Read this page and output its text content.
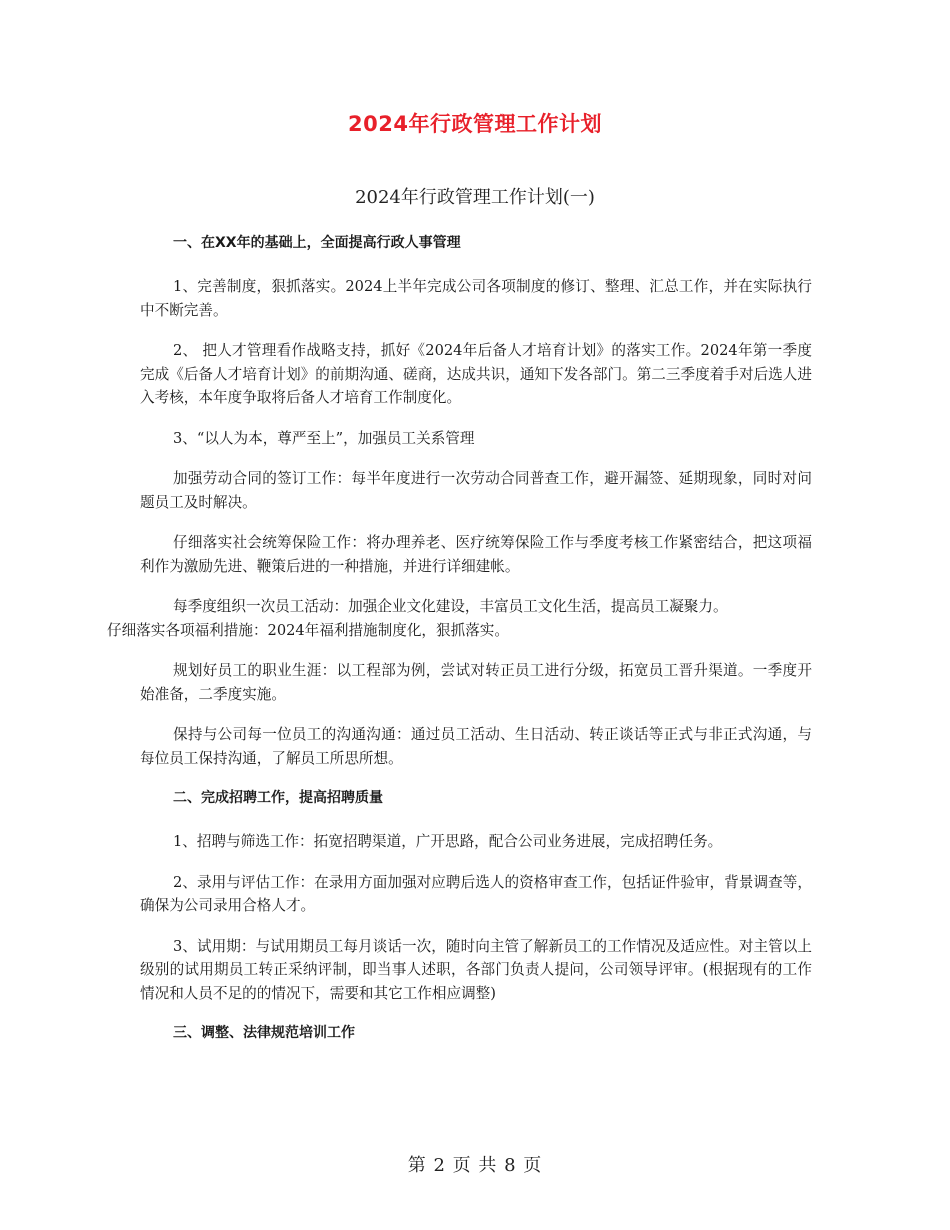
2024年行政管理工作计划
2024年行政管理工作计划(一)
一、在XX年的基础上，全面提高行政人事管理

1、完善制度，狠抓落实。2024上半年完成公司各项制度的修订、整理、汇总工作，并在实际执行中不断完善。

2、 把人才管理看作战略支持，抓好《2024年后备人才培育计划》的落实工作。2024年第一季度完成《后备人才培育计划》的前期沟通、磋商，达成共识，通知下发各部门。第二三季度着手对后选人进入考核，本年度争取将后备人才培育工作制度化。

3、“以人为本，尊严至上”，加强员工关系管理

加强劳动合同的签订工作：每半年度进行一次劳动合同普查工作，避开漏签、延期现象，同时对问题员工及时解决。

仔细落实社会统筹保险工作：将办理养老、医疗统筹保险工作与季度考核工作紧密结合，把这项福利作为激励先进、鞭策后进的一种措施，并进行详细建帐。

每季度组织一次员工活动：加强企业文化建设，丰富员工文化生活，提高员工凝聚力。
仔细落实各项福利措施：2024年福利措施制度化，狠抓落实。

规划好员工的职业生涯：以工程部为例，尝试对转正员工进行分级，拓宽员工晋升渠道。一季度开始准备，二季度实施。

保持与公司每一位员工的沟通沟通：通过员工活动、生日活动、转正谈话等正式与非正式沟通，与每位员工保持沟通，了解员工所思所想。

二、完成招聘工作，提高招聘质量

1、招聘与筛选工作：拓宽招聘渠道，广开思路，配合公司业务进展，完成招聘任务。

2、录用与评估工作：在录用方面加强对应聘后选人的资格审查工作，包括证件验审，背景调查等，确保为公司录用合格人才。

3、试用期：与试用期员工每月谈话一次，随时向主管了解新员工的工作情况及适应性。对主管以上级别的试用期员工转正采纳评制，即当事人述职，各部门负责人提问，公司领导评审。(根据现有的工作情况和人员不足的的情况下，需要和其它工作相应调整)

三、调整、法律规范培训工作
第 2 页 共 8 页
